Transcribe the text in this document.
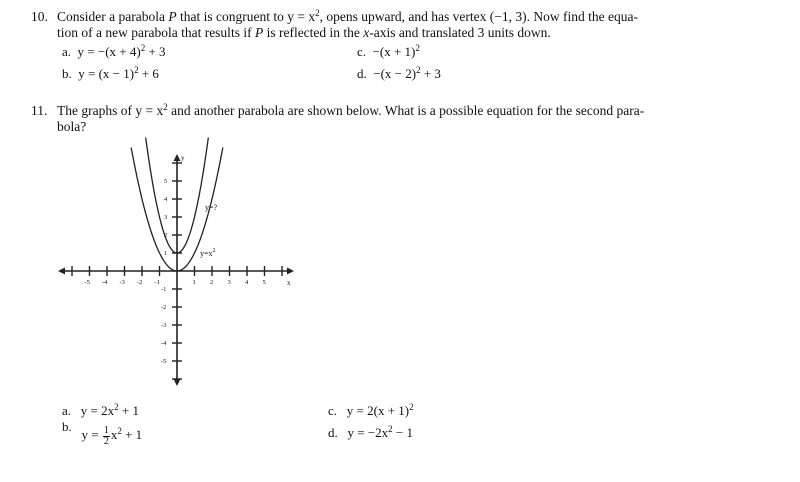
10. Consider a parabola P that is congruent to $y = x^2$, opens upward, and has vertex (−1, 3). Now find the equa-
tion of a new parabola that results if P is reflected in the x-axis and translated 3 units down.
a. $y = -(x + 4)^2 + 3$
b. $y = (x - 1)^2 + 6$
c. $-(x + 1)^2$
d. $-(x - 2)^2 + 3$
11. The graphs of $y = x^2$ and another parabola are shown below. What is a possible equation for the second para-
bola?
-5 -4 -3 -2 -1	1 2 3 4 5
1
2
3
4
5
-1
-2
-3
-4
-5
x
y
y=?
$y=x^2$
a. $y = 2x^2 + 1$
b.   $y = \frac{1}{2} x^2 + 1$
c. $y = 2(x + 1)^2$
d. $y = -2x^2 - 1$
